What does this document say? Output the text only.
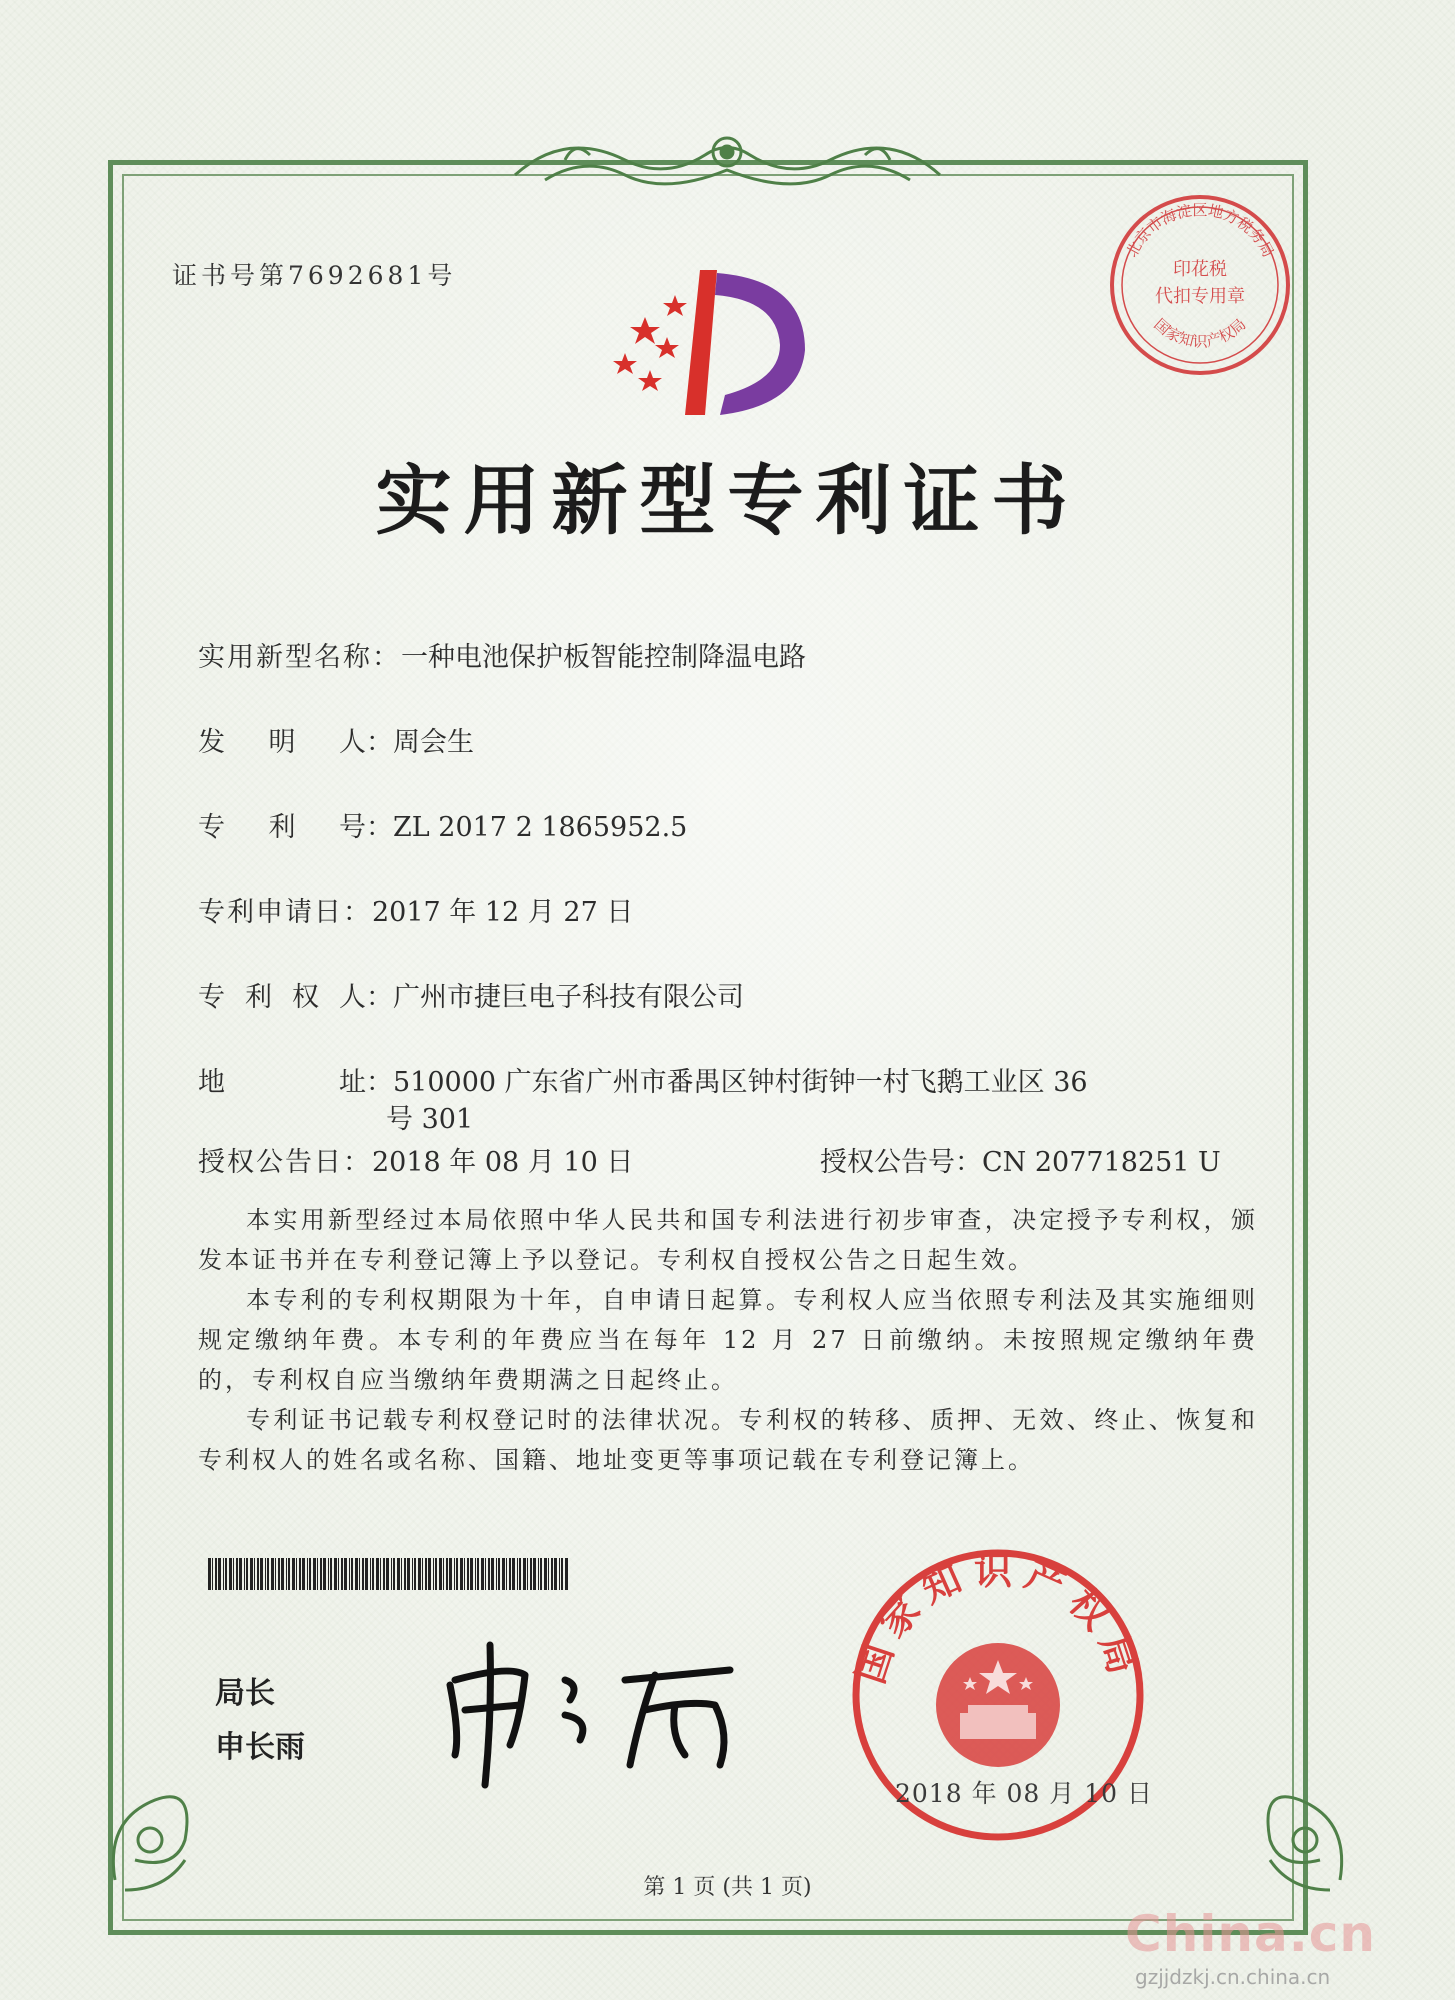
证书号第7692681号	印花税
代扣专用章
北京市海淀区地方税务局
国家知识产权局
实用新型专利证书
实用新型名称：一种电池保护板智能控制降温电路
发 明 人 ：周会生
专 利 号 ：ZL 2017 2 1865952.5
专利申请日：2017 年 12 月 27 日
专 利 权 人 ：广州市捷巨电子科技有限公司
地	址 ：510000 广东省广州市番禺区钟村街钟一村飞鹅工业区 36
号 301
授权公告日：2018 年 08 月 10 日	授权公告号：CN 207718251 U

本实用新型经过本局依照中华人民共和国专利法进行初步审查，决定授予专利权，颁发本证书并在专利登记簿上予以登记。专利权自授权公告之日起生效。

本专利的专利权期限为十年，自申请日起算。专利权人应当依照专利法及其实施细则规定缴纳年费。本专利的年费应当在每年 12 月 27 日前缴纳。未按照规定缴纳年费的，专利权自应当缴纳年费期满之日起终止。

专利证书记载专利权登记时的法律状况。专利权的转移、质押、无效、终止、恢复和专利权人的姓名或名称、国籍、地址变更等事项记载在专利登记簿上。

局长
申长雨
国家知识产权局
2018 年 08 月 10 日
第 1 页 (共 1 页)
China.cn
gzjjdzkj.cn.china.cn
